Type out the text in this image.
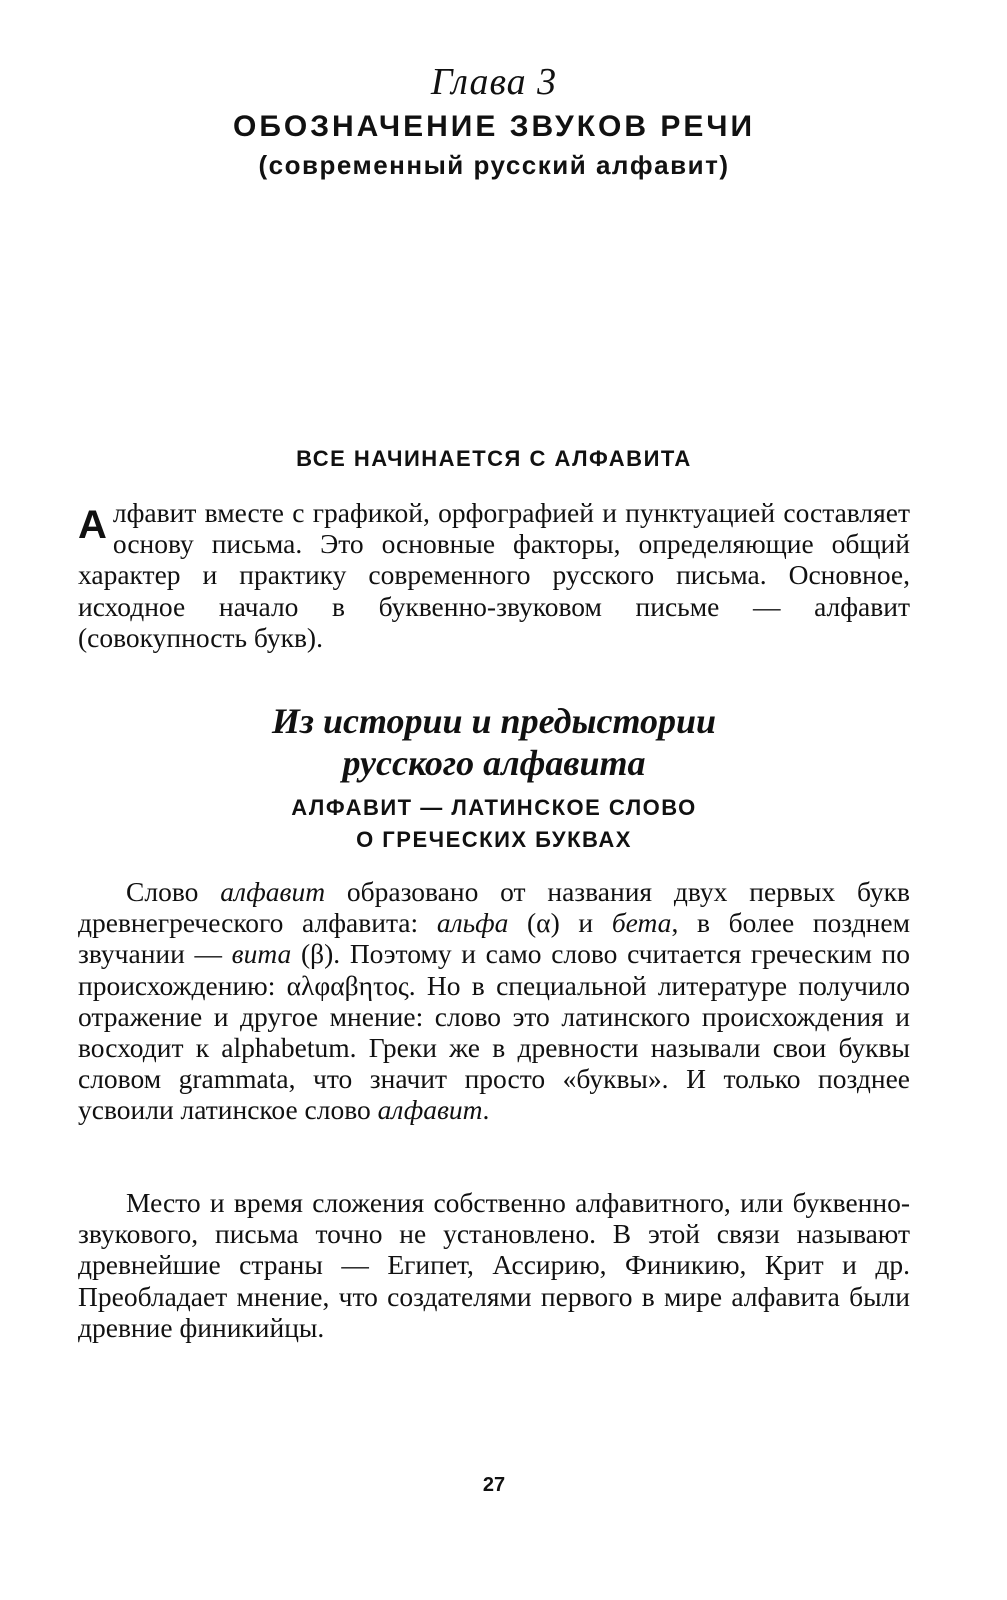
Глава 3
ОБОЗНАЧЕНИЕ ЗВУКОВ РЕЧИ
(современный русский алфавит)
ВСЕ НАЧИНАЕТСЯ С АЛФАВИТА
А лфавит вместе с графикой, орфографией и пунктуацией составляет основу письма. Это основные факторы, определяющие общий характер и практику современного русского письма. Основное, исходное начало в буквенно-звуковом письме — алфавит (совокупность букв).
Из истории и предыстории
русского алфавита
АЛФАВИТ — ЛАТИНСКОЕ СЛОВО
О ГРЕЧЕСКИХ БУКВАХ
Слово алфавит образовано от названия двух первых букв древнегреческого алфавита: альфа (α) и бета, в более позднем звучании — вита (β). Поэтому и само слово считается греческим по происхождению: αλφαβητος. Но в специальной литературе получило отражение и другое мнение: слово это латинского происхождения и восходит к alphabetum. Греки же в древности называли свои буквы словом grammata, что значит просто «буквы». И только позднее усвоили латинское слово алфавит.
Место и время сложения собственно алфавитного, или буквенно-звукового, письма точно не установлено. В этой связи называют древнейшие страны — Египет, Ассирию, Финикию, Крит и др. Преобладает мнение, что создателями первого в мире алфавита были древние финикийцы.
27
